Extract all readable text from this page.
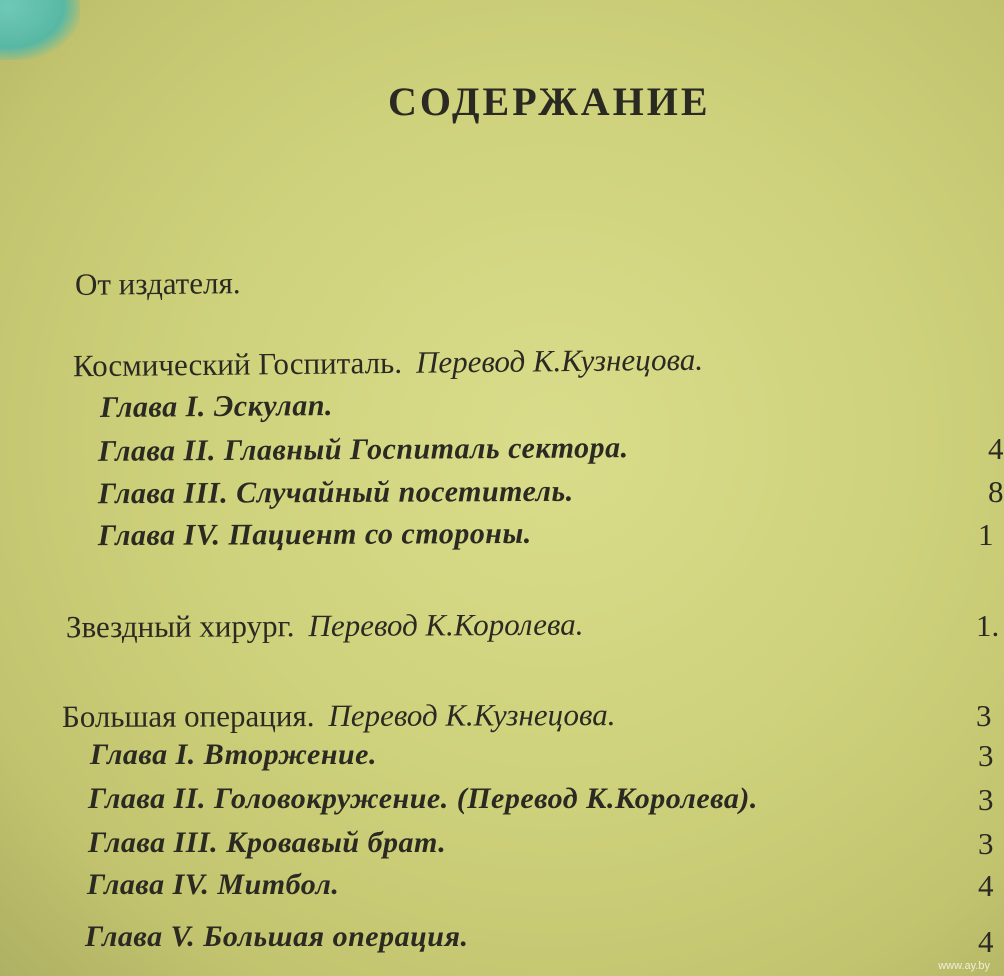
СОДЕРЖАНИЕ
От издателя.
Космический Госпиталь. Перевод К.Кузнецова.
Глава I. Эскулап.
Глава II. Главный Госпиталь сектора.	4
Глава III. Случайный посетитель.	8
Глава IV. Пациент со стороны.	1
Звездный хирург. Перевод К.Королева.	1.
Большая операция. Перевод К.Кузнецова.	3
Глава I. Вторжение.	3
Глава II. Головокружение. (Перевод К.Королева).	3
Глава III. Кровавый брат.	3
Глава IV. Митбол.	4
Глава V. Большая операция.	4
www.ay.by
